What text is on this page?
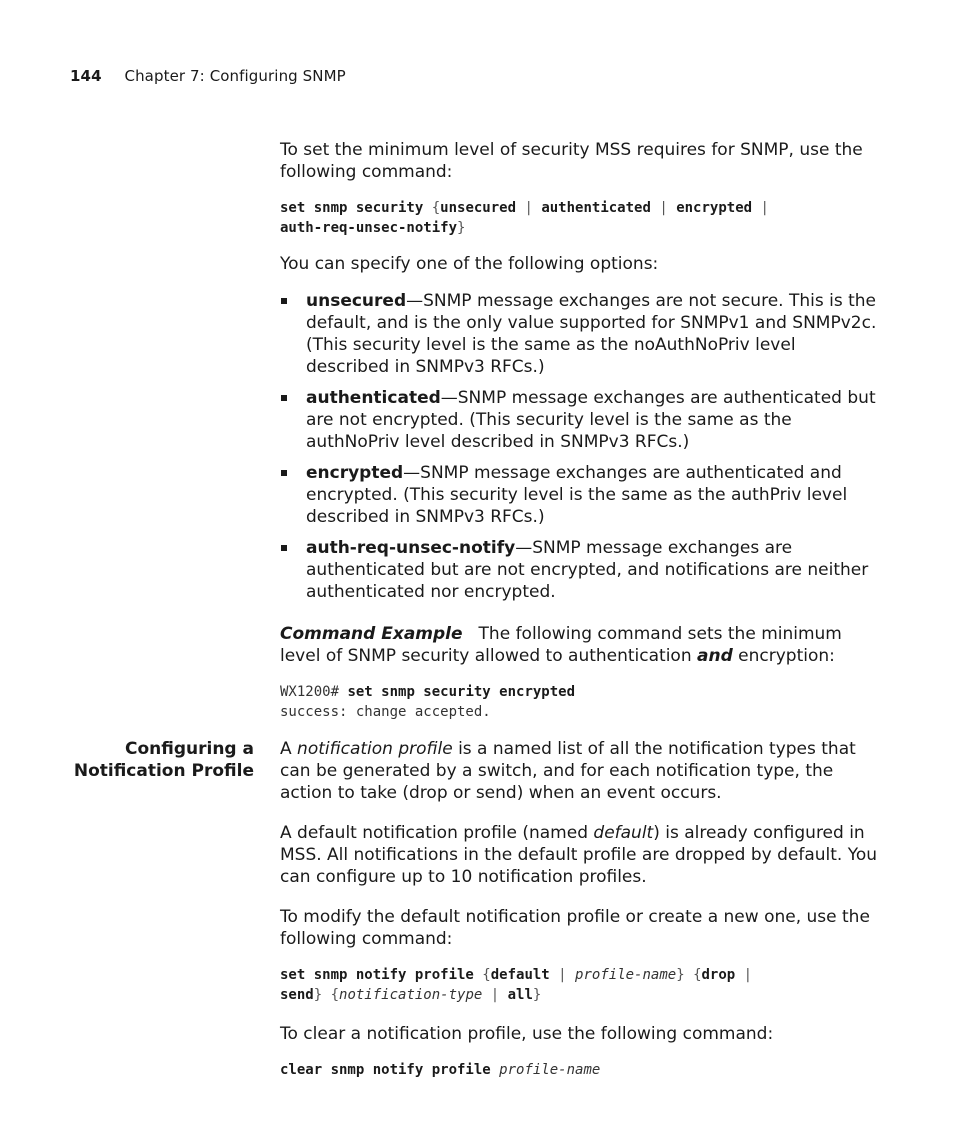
144 Chapter 7: Configuring SNMP

To set the minimum level of security MSS requires for SNMP, use the following command:

set snmp security {unsecured | authenticated | encrypted |
auth-req-unsec-notify}

You can specify one of the following options:

unsecured—SNMP message exchanges are not secure. This is the default, and is the only value supported for SNMPv1 and SNMPv2c. (This security level is the same as the noAuthNoPriv level described in SNMPv3 RFCs.)
authenticated—SNMP message exchanges are authenticated but are not encrypted. (This security level is the same as the authNoPriv level described in SNMPv3 RFCs.)
encrypted—SNMP message exchanges are authenticated and encrypted. (This security level is the same as the authPriv level described in SNMPv3 RFCs.)
auth-req-unsec-notify—SNMP message exchanges are authenticated but are not encrypted, and notifications are neither authenticated nor encrypted.

Command Example The following command sets the minimum level of SNMP security allowed to authentication and encryption:

WX1200# set snmp security encrypted
success: change accepted.
Configuring a
Notification Profile

A notification profile is a named list of all the notification types that can be generated by a switch, and for each notification type, the action to take (drop or send) when an event occurs.

A default notification profile (named default) is already configured in MSS. All notifications in the default profile are dropped by default. You can configure up to 10 notification profiles.

To modify the default notification profile or create a new one, use the following command:

set snmp notify profile {default | profile-name} {drop |
send} {notification-type | all}

To clear a notification profile, use the following command:

clear snmp notify profile profile-name
